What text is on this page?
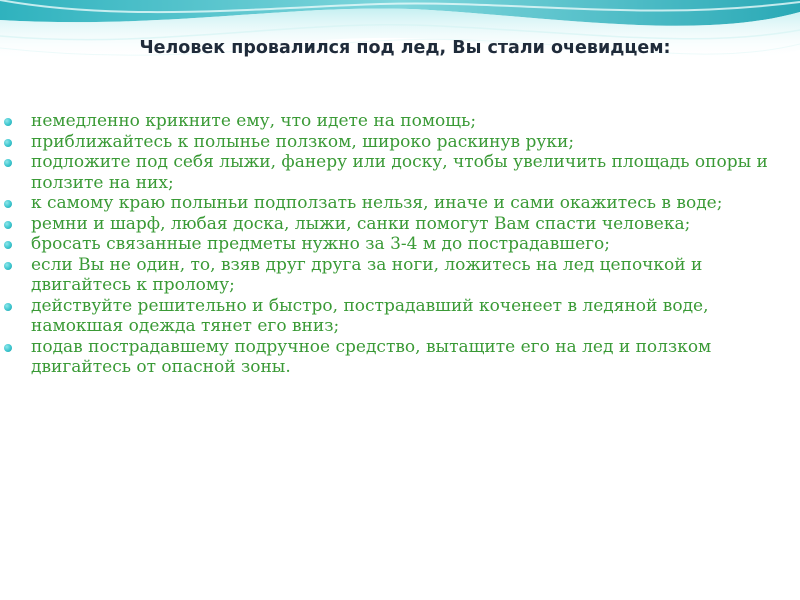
Человек провалился под лед, Вы стали очевидцем:
немедленно крикните ему, что идете на помощь;
приближайтесь к полынье ползком, широко раскинув руки;
подложите под себя лыжи, фанеру или доску, чтобы увеличить площадь опоры и ползите на них;
к самому краю полыньи подползать нельзя, иначе и сами окажитесь в воде;
ремни и шарф, любая доска, лыжи, санки помогут Вам спасти человека;
бросать связанные предметы нужно за 3-4 м до пострадавшего;
если Вы не один, то, взяв друг друга за ноги, ложитесь на лед цепочкой и двигайтесь к пролому;
действуйте решительно и быстро, пострадавший коченеет в ледяной воде, намокшая одежда тянет его вниз;
подав пострадавшему подручное средство, вытащите его на лед и ползком двигайтесь от опасной зоны.
